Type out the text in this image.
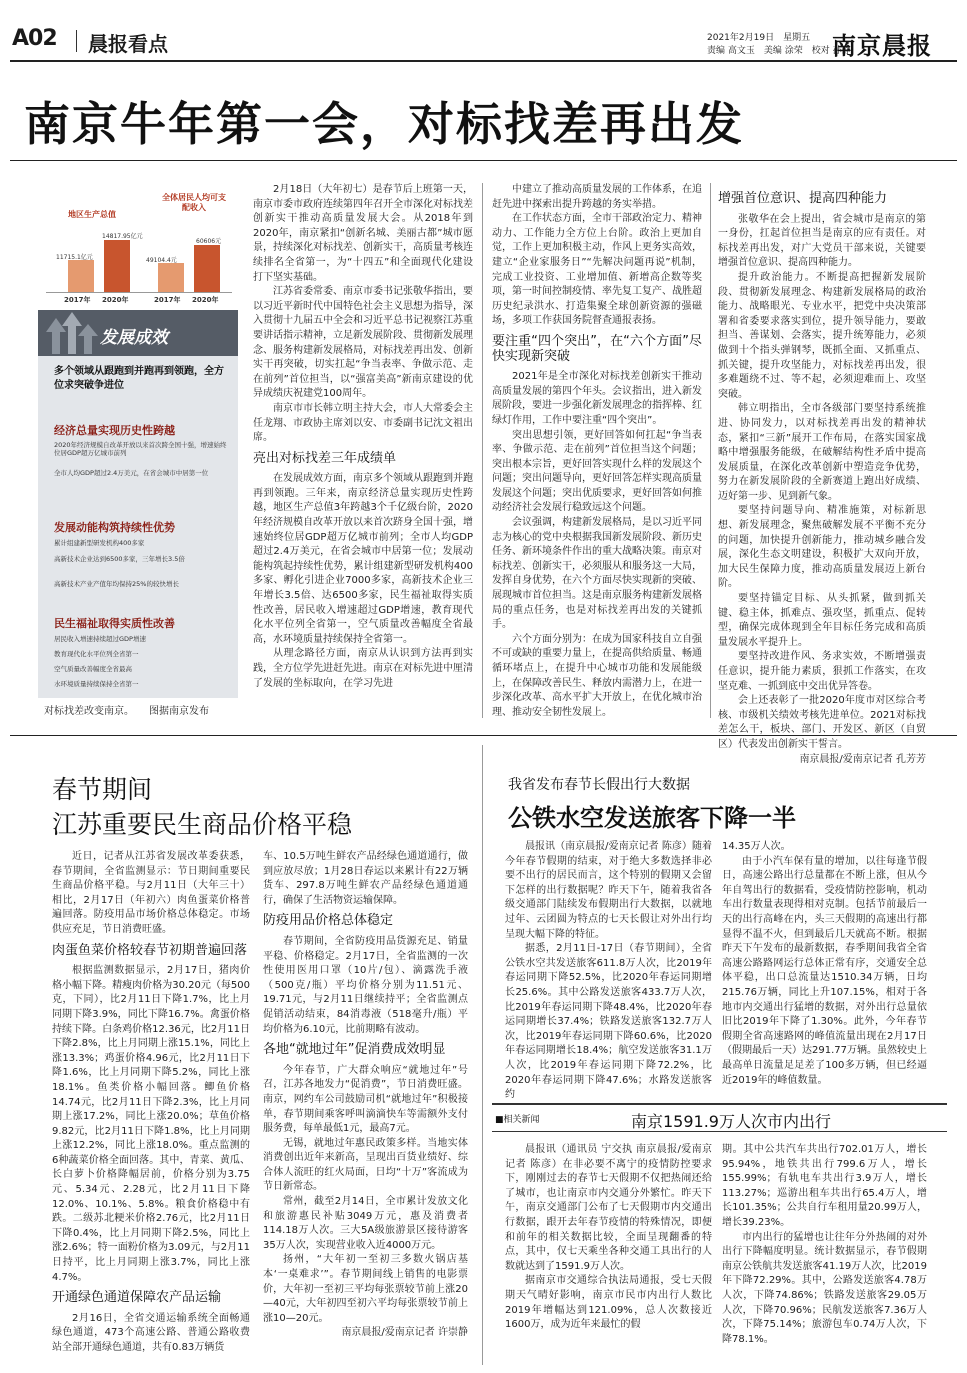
A02 晨报看点	2021年2月19日　星期五
责编 高文玉　美编 涂荣　校对 孙静
南京晨报
南京牛年第一会，对标找差再出发
地区生产总值
全体居民人均可支配收入
11715.1亿元
14817.95亿元
49104.4元
60606元
2017年 2020年	2017年 2020年
发展成效
多个领域从跟跑到并跑再到领跑，全方位求突破争进位
经济总量实现历史性跨越
2020年经济规模自改革开放以来首次跨全国十强，增速始终位居GDP超万亿城市前列
全市人均GDP超过2.4万美元，在省会城市中居第一位
发展动能构筑持续性优势
累计组建新型研发机构400多家
高新技术企业达到6500多家，三年增长3.5倍
高新技术产业产值年均保持25%的较快增长
民生福祉取得实质性改善
居民收入增速持续超过GDP增速
教育现代化水平位列全省第一
空气质量改善幅度全省最高
水环境质量持续保持全省第一
对标找差改变南京。　　图据南京发布

2月18日（大年初七）是春节后上班第一天，南京市委市政府连续第四年召开全市深化对标找差创新实干推动高质量发展大会。从2018年到2020年，南京紧扣“创新名城、美丽古都”城市愿景，持续深化对标找差、创新实干，高质量考核连续排名全省第一，为“十四五”和全面现代化建设打下坚实基础。

江苏省委常委、南京市委书记张敬华指出，要以习近平新时代中国特色社会主义思想为指导，深入贯彻十九届五中全会和习近平总书记视察江苏重要讲话指示精神，立足新发展阶段、贯彻新发展理念、服务构建新发展格局，对标找差再出发、创新实干再突破，切实扛起“争当表率、争做示范、走在前列”首位担当，以“强富美高”新南京建设的优异成绩庆祝建党100周年。

南京市市长韩立明主持大会，市人大常委会主任龙翔、市政协主席刘以安、市委副书记沈文祖出席。

亮出对标找差三年成绩单

在发展成效方面，南京多个领域从跟跑到并跑再到领跑。三年来，南京经济总量实现历史性跨越，地区生产总值3年跨越3个千亿级台阶，2020年经济规模自改革开放以来首次跻身全国十强，增速始终位居GDP超万亿城市前列；全市人均GDP超过2.4万美元，在省会城市中居第一位；发展动能构筑起持续性优势，累计组建新型研发机构400多家、孵化引进企业7000多家，高新技术企业三年增长3.5倍、达6500多家，民生福祉取得实质性改善，居民收入增速超过GDP增速，教育现代化水平位列全省第一，空气质量改善幅度全省最高，水环境质量持续保持全省第一。

从理念路径方面，南京从认识到方法再到实践，全方位学先进赶先进。南京在对标先进中厘清了发展的坐标取向，在学习先进

中建立了推动高质量发展的工作体系，在追赶先进中探索出提升跨越的务实举措。

在工作状态方面，全市干部政治定力、精神动力、工作能力全方位上台阶。政治上更加自觉，工作上更加积极主动，作风上更务实高效，建立“企业家服务日”“先解决问题再说”机制，完成工业投资、工业增加值、新增高企数等奖项，第一时间控制疫情、率先复工复产、战胜超历史纪录洪水、打造集聚全球创新资源的强磁场，多项工作获国务院督查通报表扬。

要注重“四个突出”，在“六个方面”尽快实现新突破

2021年是全市深化对标找差创新实干推动高质量发展的第四个年头。会议指出，进入新发展阶段，要进一步强化新发展理念的指挥棒、红绿灯作用，工作中要注重“四个突出”。

突出思想引领，更好回答如何扛起“争当表率、争做示范、走在前列”首位担当这个问题；突出根本宗旨，更好回答实现什么样的发展这个问题；突出问题导向，更好回答怎样实现高质量发展这个问题；突出优质要求，更好回答如何推动经济社会发展行稳致远这个问题。

会议强调，构建新发展格局，是以习近平同志为核心的党中央根据我国新发展阶段、新历史任务、新环境条件作出的重大战略决策。南京对标找差、创新实干，必须服从和服务这一大局，发挥自身优势，在六个方面尽快实现新的突破、展现城市首位担当。这是南京服务构建新发展格局的重点任务，也是对标找差再出发的关键抓手。

六个方面分别为：在成为国家科技自立自强不可或缺的重要力量上，在提高供给质量、畅通循环堵点上，在提升中心城市功能和发展能级上，在保障改善民生、释放内需潜力上，在进一步深化改革、高水平扩大开放上，在优化城市治理、推动安全韧性发展上。

增强首位意识、提高四种能力

张敬华在会上提出，省会城市是南京的第一身份，扛起首位担当是南京的应有责任。对标找差再出发，对广大党员干部来说，关键要增强首位意识、提高四种能力。

提升政治能力。不断提高把握新发展阶段、贯彻新发展理念、构建新发展格局的政治能力、战略眼光、专业水平，把党中央决策部署和省委要求落实到位，提升领导能力，要敢担当、善谋划、会落实，提升统筹能力，必须做到十个指头弹钢琴，既抓全面、又抓重点、抓关键，提升攻坚能力，对标找差再出发，很多难题绕不过、等不起，必须迎难而上、攻坚突破。

韩立明指出，全市各级部门要坚持系统推进、协同发力，以对标找差再出发的精神状态，紧扣“三新”展开工作布局，在落实国家战略中增强服务能级，在破解结构性矛盾中提高发展质量，在深化改革创新中塑造竞争优势，努力在新发展阶段的全新赛道上跑出好成绩、迈好第一步、见到新气象。

要坚持问题导向、精准施策，对标新思想、新发展理念，聚焦破解发展不平衡不充分的问题，加快提升创新能力，推动城乡融合发展，深化生态文明建设，积极扩大双向开放，加大民生保障力度，推动高质量发展迈上新台阶。

要坚持锚定目标、从头抓紧，做到抓关键、稳主体，抓难点、强攻坚，抓重点、促转型，确保完成体现到全年目标任务完成和高质量发展水平提升上。

要坚持改进作风、务求实效，不断增强责任意识，提升能力素质，狠抓工作落实，在攻坚克难、一抓到底中交出优异答卷。

会上还表彰了一批2020年度市对区综合考核、市级机关绩效考核先进单位。2021对标找差怎么干，板块、部门、开发区、新区（自贸区）代表发出创新实干誓言。

南京晨报/爱南京记者 孔芳芳

春节期间
江苏重要民生商品价格平稳

近日，记者从江苏省发展改革委获悉，春节期间，全省监测显示：节日期间重要民生商品价格平稳。与2月11日（大年三十）相比，2月17日（年初六）肉鱼蛋菜价格普遍回落。防疫用品市场价格总体稳定。市场供应充足，节日消费旺盛。

肉蛋鱼菜价格较春节初期普遍回落

根据监测数据显示，2月17日，猪肉价格小幅下降。精瘦肉价格为30.20元（每500克，下同），比2月11日下降1.7%，比上月同期下降3.9%，同比下降16.7%。禽蛋价格持续下降。白条鸡价格12.36元，比2月11日下降2.8%，比上月同期上涨15.1%，同比上涨13.3%；鸡蛋价格4.96元，比2月11日下降1.6%，比上月同期下降5.2%，同比上涨18.1%。鱼类价格小幅回落。鲫鱼价格14.74元，比2月11日下降2.3%，比上月同期上涨17.2%，同比上涨20.0%；草鱼价格9.82元，比2月11日下降1.8%，比上月同期上涨12.2%，同比上涨18.0%。重点监测的6种蔬菜价格全面回落。其中，青菜、黄瓜、长白萝卜价格降幅居前，价格分别为3.75元、5.34元、2.28元，比2月11日下降12.0%、10.1%、5.8%。粮食价格稳中有跌。二级苏北粳米价格2.76元，比2月11日下降0.4%，比上月同期下降2.5%，同比上涨2.6%；特一面粉价格为3.09元，与2月11日持平，比上月同期上涨3.7%，同比上涨4.7%。

开通绿色通道保障农产品运输

2月16日，全省交通运输系统全面畅通绿色通道，473个高速公路、普通公路收费站全部开通绿色通道，共有0.83万辆货

车、10.5万吨生鲜农产品经绿色通道通行，做到应放尽放；1月28日春运以来累计有22万辆货车、297.8万吨生鲜农产品经绿色通道通行，确保了生活物资运输保障。

防疫用品价格总体稳定

春节期间，全省防疫用品货源充足、销量平稳、价格稳定。2月17日，全省监测的一次性使用医用口罩（10片/包）、滴露洗手液（500克/瓶）平均价格分别为11.51元、19.71元，与2月11日继续持平；全省监测点促销活动结束，84消毒液（518毫升/瓶）平均价格为6.10元，比前期略有波动。

各地“就地过年”促消费成效明显

今年春节，广大群众响应“就地过年”号召，江苏各地发力“促消费”，节日消费旺盛。南京，网约车公司鼓励司机“就地过年”积极接单，春节期间乘客呼叫滴滴快车等需额外支付服务费，每单最低1元，最高7元。

无锡，就地过年惠民政策多样。当地实体消费创出近年来新高，呈现出百货业绩好、综合体人流旺的红火局面，日均“十万”客流成为节日新常态。

常州，截至2月14日，全市累计发放文化和旅游惠民补贴3049万元，惠及消费者114.18万人次。三大5A级旅游景区接待游客35万人次，实现营业收入近4000万元。

扬州，“大年初一至初三多数火锅店基本‘一桌难求’”。春节期间线上销售的电影票价，大年初一至初三平均每张票较节前上涨20—40元，大年初四至初六平均每张票较节前上涨10—20元。

南京晨报/爱南京记者 许崇静

我省发布春节长假出行大数据
公铁水空发送旅客下降一半

晨报讯（南京晨报/爱南京记者 陈彦）随着今年春节假期的结束，对于绝大多数选择非必要不出行的居民而言，这个特别的假期又会留下怎样的出行数据呢？昨天下午，随着我省各级交通部门陆续发布假期出行大数据，以就地过年、云团圆为特点的七天长假让对外出行均呈现大幅下降的特征。

据悉，2月11日-17日（春节期间），全省公铁水空共发送旅客611.8万人次，比2019年春运同期下降52.5%，比2020年春运同期增长25.6%。其中公路发送旅客433.7万人次，比2019年春运同期下降48.4%，比2020年春运同期增长37.4%；铁路发送旅客132.7万人次，比2019年春运同期下降60.6%，比2020年春运同期增长18.4%；航空发送旅客31.1万人次，比2019年春运同期下降72.2%，比2020年春运同期下降47.6%；水路发送旅客约

14.35万人次。

由于小汽车保有量的增加，以往每逢节假日，高速公路出行总量都在不断上涨，但从今年自驾出行的数据看，受疫情防控影响，机动车出行数量表现得相对克制。包括节前最后一天的出行高峰在内，头三天假期的高速出行都显得不温不火，但到最后几天就高不断。根据昨天下午发布的最新数据，春季期间我省全省高速公路路网运行总体正常有序，交通安全总体平稳，出口总流量达1510.34万辆，日均215.76万辆，同比上升107.15%，相对于各地市内交通出行猛增的数据，对外出行总量依旧比2019年下降了1.30%。此外，今年春节假期全省高速路网的峰值流量出现在2月17日（假期最后一天）达291.77万辆。虽然较史上最高单日流量足足差了100多万辆，但已经逼近2019年的峰值数量。

■相关新闻	南京1591.9万人次市内出行

晨报讯（通讯员 宁交执 南京晨报/爱南京记者 陈彦）在非必要不离宁的疫情防控要求下，刚刚过去的春节七天假期不仅把热闹还给了城市，也让南京市内交通分外繁忙。昨天下午，南京交通部门公布了七天假期市内交通出行数据，跟开去年春节疫情的特殊情况，即便和前年的相关数据比较，全面呈现翻番的特点，其中，仅七天乘坐各种交通工具出行的人数就达到了1591.9万人次。

据南京市交通综合执法局通报，受七天假期天气晴好影响，南京市民市内出行人数比2019年增幅达到121.09%，总人次数接近1600万，成为近年来最忙的假

期。其中公共汽车共出行702.01万人，增长95.94%，地铁共出行799.6万人，增长155.99%；有轨电车共出行3.9万人，增长113.27%；巡游出租车共出行65.4万人，增长101.35%；公共自行车租用量20.99万人，增长39.23%。

市内出行的猛增也让往年分外热闹的对外出行下降幅度明显。统计数据显示，春节假期南京公铁航共发送旅客41.19万人次，比2019年下降72.29%。其中，公路发送旅客4.78万人次，下降74.86%；铁路发送旅客29.05万人次，下降70.96%；民航发送旅客7.36万人次，下降75.14%；旅游包车0.74万人次，下降78.1%。
